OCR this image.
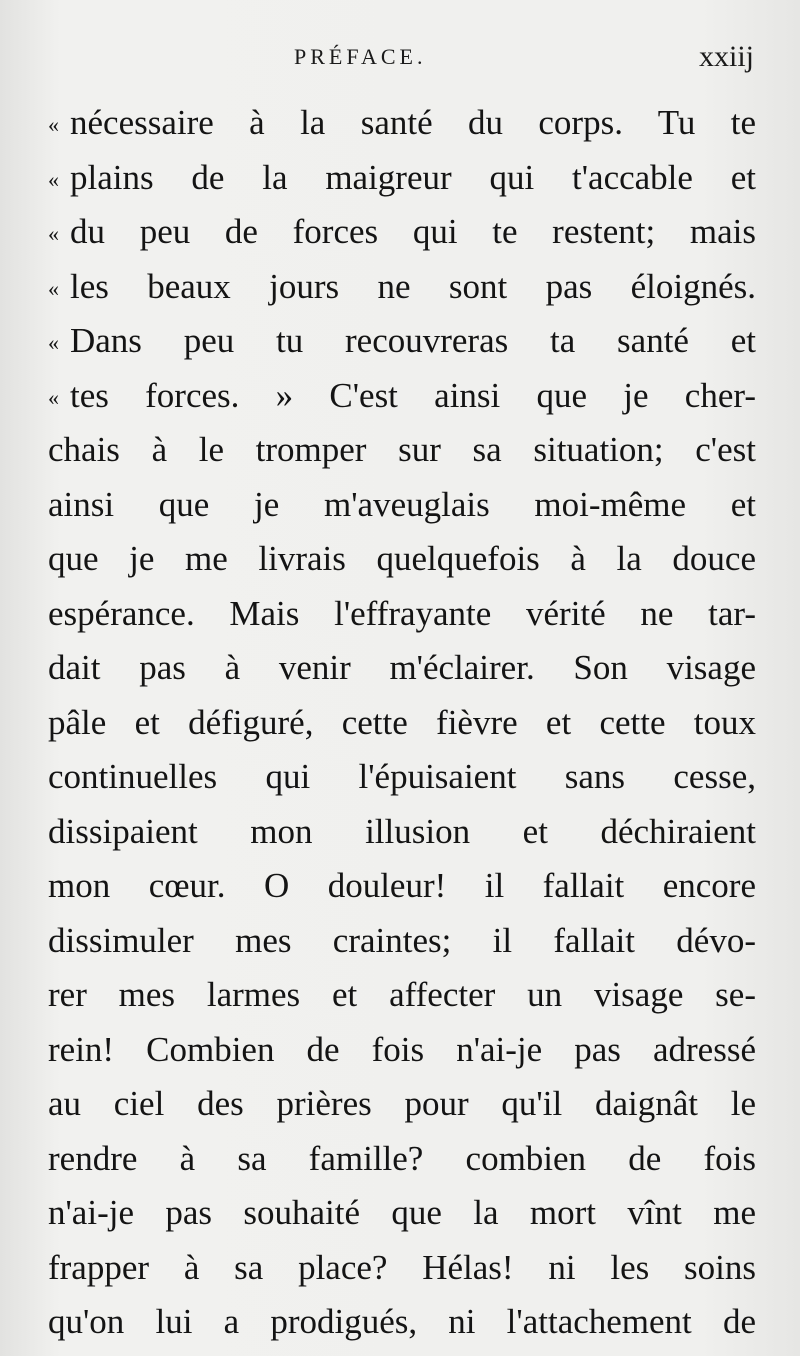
PRÉFACE.	xxiij
« nécessaire à la santé du corps. Tu te
« plains de la maigreur qui t'accable et
« du peu de forces qui te restent; mais
« les beaux jours ne sont pas éloignés.
« Dans peu tu recouvreras ta santé et
« tes forces. » C'est ainsi que je cher-
chais à le tromper sur sa situation; c'est
ainsi que je m'aveuglais moi-même et
que je me livrais quelquefois à la douce
espérance. Mais l'effrayante vérité ne tar-
dait pas à venir m'éclairer. Son visage
pâle et défiguré, cette fièvre et cette toux
continuelles qui l'épuisaient sans cesse,
dissipaient mon illusion et déchiraient
mon cœur. O douleur! il fallait encore
dissimuler mes craintes; il fallait dévo-
rer mes larmes et affecter un visage se-
rein! Combien de fois n'ai-je pas adressé
au ciel des prières pour qu'il daignât le
rendre à sa famille? combien de fois
n'ai-je pas souhaité que la mort vînt me
frapper à sa place? Hélas! ni les soins
qu'on lui a prodigués, ni l'attachement de
